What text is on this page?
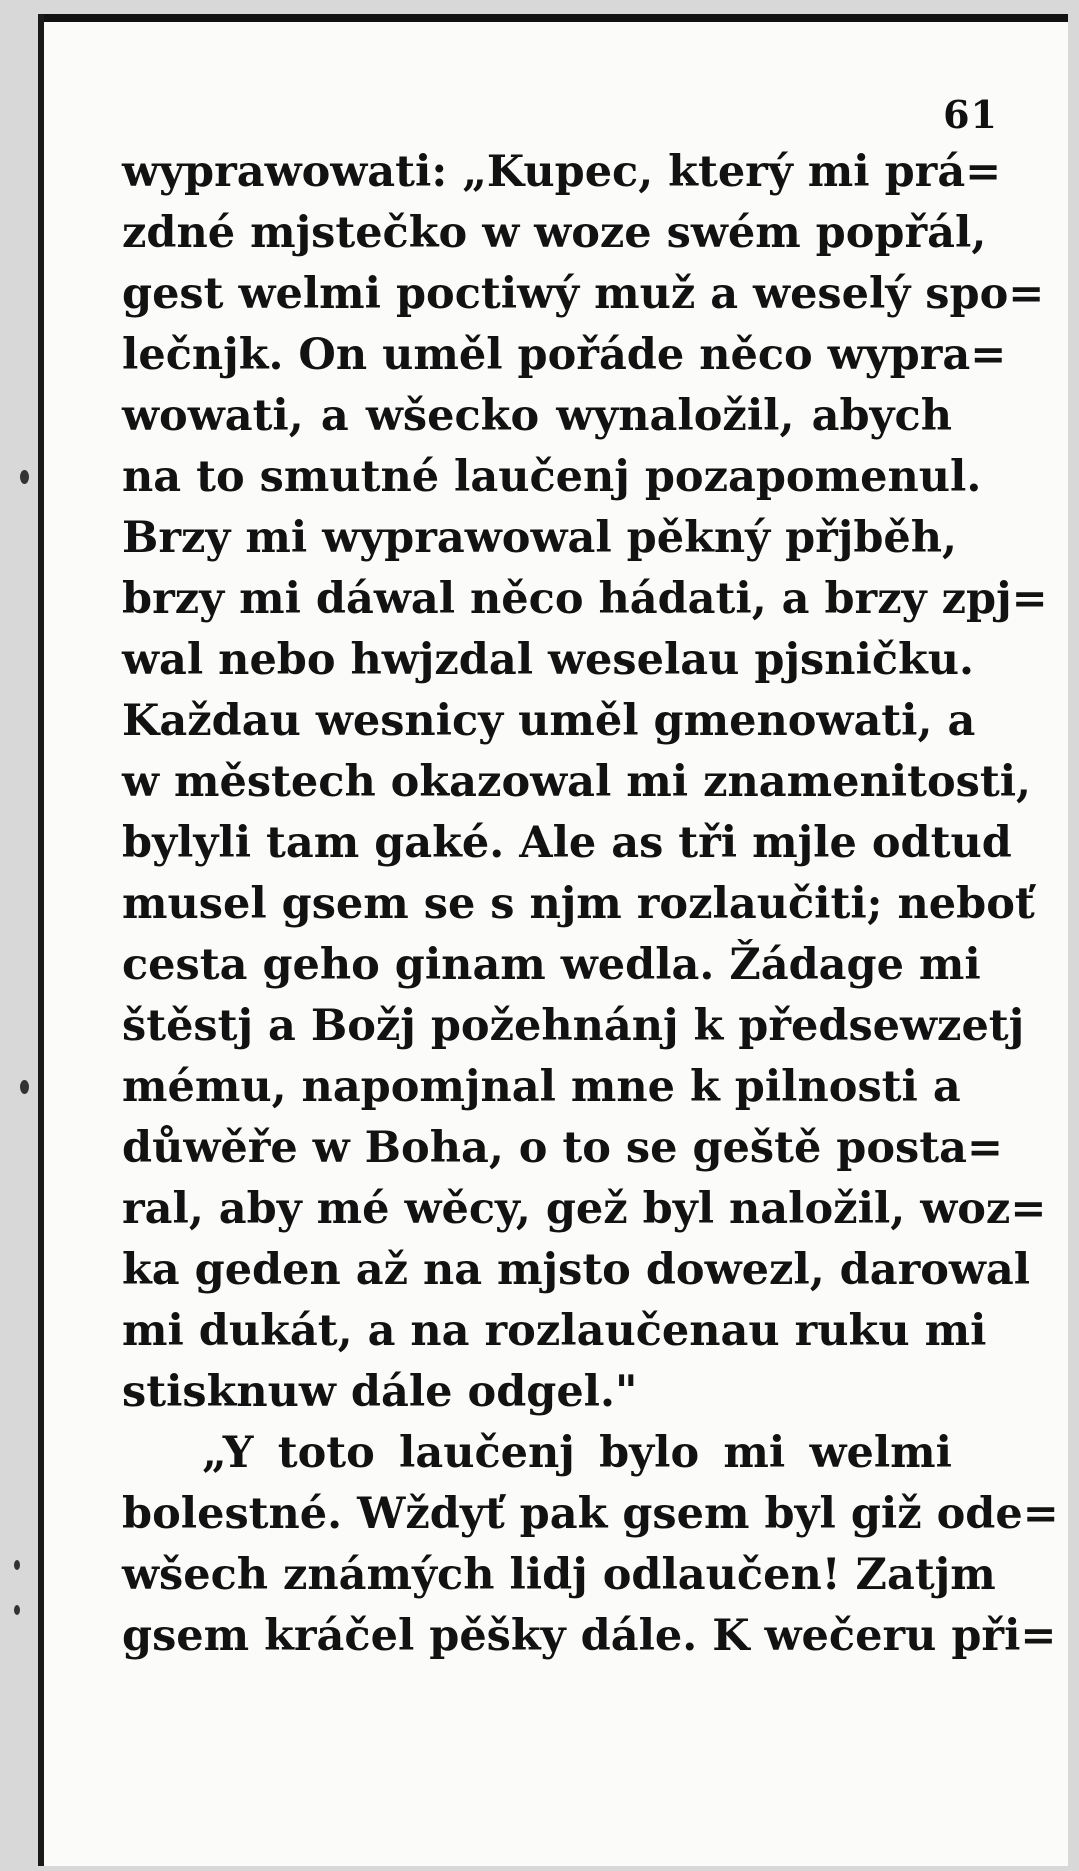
61
wyprawowati: „Kupec, který mi prá=
zdné mjstečko w woze swém popřál,
gest welmi poctiwý muž a weselý spo=
lečnjk. On uměl pořáde něco wypra=
wowati, a wšecko wynaložil, abych
na to smutné laučenj pozapomenul.
Brzy mi wyprawowal pěkný přjběh,
brzy mi dáwal něco hádati, a brzy zpj=
wal nebo hwjzdal weselau pjsničku.
Každau wesnicy uměl gmenowati, a
w městech okazowal mi znamenitosti,
bylyli tam gaké. Ale as tři mjle odtud
musel gsem se s njm rozlaučiti; neboť
cesta geho ginam wedla. Žádage mi
štěstj a Božj požehnánj k předsewzetj
mému, napomjnal mne k pilnosti a
důwěře w Boha, o to se geště posta=
ral, aby mé wěcy, gež byl naložil, woz=
ka geden až na mjsto dowezl, darowal
mi dukát, a na rozlaučenau ruku mi
stisknuw dále odgel."
„Y toto laučenj bylo mi welmi
bolestné. Wždyť pak gsem byl giž ode=
wšech známých lidj odlaučen! Zatjm
gsem kráčel pěšky dále. K wečeru při=
